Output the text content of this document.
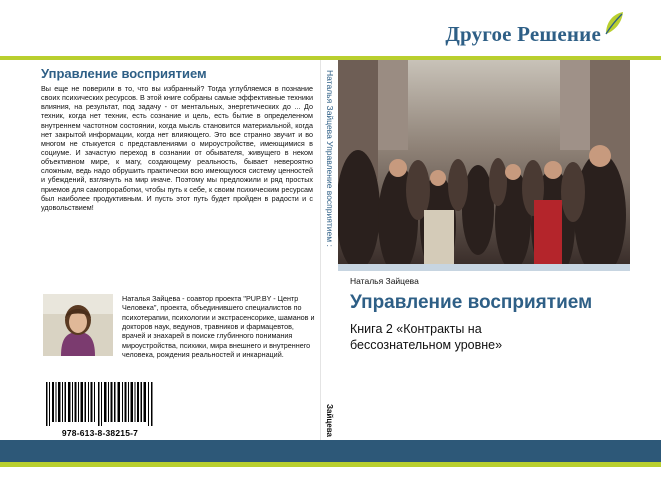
Другое Решение
Управление восприятием

Вы еще не поверили в то, что вы избранный? Тогда углубляемся в познание своих психических ресурсов. В этой книге собраны самые эффективные техники влияния, на результат, под задачу - от ментальных, энергетических до ... До техник, когда нет техник, есть сознание и цель, есть бытие в определенном внутреннем частотном состоянии, когда мысль становится материальной, когда нет закрытой информации, когда нет влияющего. Это все странно звучит и во многом не стыкуется с представлениями о мироустройстве, имеющимися в социуме. И зачастую переход в сознании от обывателя, живущего в неком объективном мире, к магу, создающему реальность, бывает невероятно сложным, ведь надо обрушить практически всю имеющуюся систему ценностей и убеждений, взглянуть на мир иначе. Поэтому мы предложили и ряд простых приемов для самопроработки, чтобы путь к себе, к своим психическим ресурсам был наиболее продуктивным. И пусть этот путь будет пройден в радости и с удовольствием!

Наталья Зайцева - соавтор проекта "PUP.BY - Центр Человека", проекта, объединившего специалистов по психотерапии, психологии и экстрасенсорике, шаманов и докторов наук, ведунов, травников и фармацевтов, врачей и знахарей в поиске глубинного понимания мироустройства, психики, мира внешнего и внутреннего человека, рождения реальностей и инкарнаций.

978-613-8-38215-7
Наталья Зайцева Управление восприятием :
Зайцева
Наталья Зайцева
Управление восприятием

Книга 2 «Контракты на бессознательном уровне»
